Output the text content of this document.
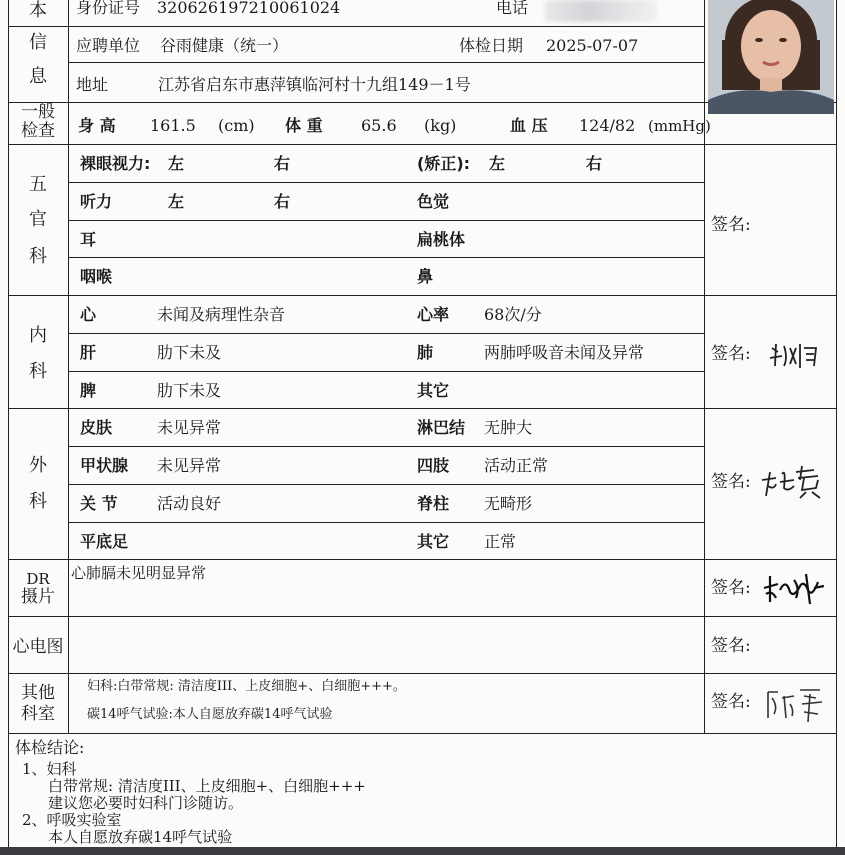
本
信
息
身份证号 320626197210061024	电话
应聘单位 谷雨健康（统一）	体检日期 2025-07-07
地址	江苏省启东市惠萍镇临河村十九组149－1号
一般
检查	身 高 161.5 (cm) 体 重 65.6 (kg)	血 压 124/82 (mmHg)
五
官
科
裸眼视力: 左	右	(矫正): 左	右
听力	左	右	色觉
耳	扁桃体
咽喉	鼻
签名:
内
科
心	未闻及病理性杂音	心率 68次/分
肝	肋下未及	肺	两肺呼吸音未闻及异常
脾	肋下未及	其它
签名:
外
科
皮肤	未见异常	淋巴结 无肿大
甲状腺 未见异常	四肢 活动正常
关 节 活动良好	脊柱 无畸形
平底足	其它 正常
签名:
DR
摄片
心肺膈未见明显异常
签名:
心电图	签名:
其他
科室
妇科:白带常规: 清洁度III、上皮细胞+、白细胞+++。
碳14呼气试验:本人自愿放弃碳14呼气试验
签名:
体检结论:
1、妇科
白带常规: 清洁度III、上皮细胞+、白细胞+++
建议您必要时妇科门诊随访。
2、呼吸实验室
本人自愿放弃碳14呼气试验
